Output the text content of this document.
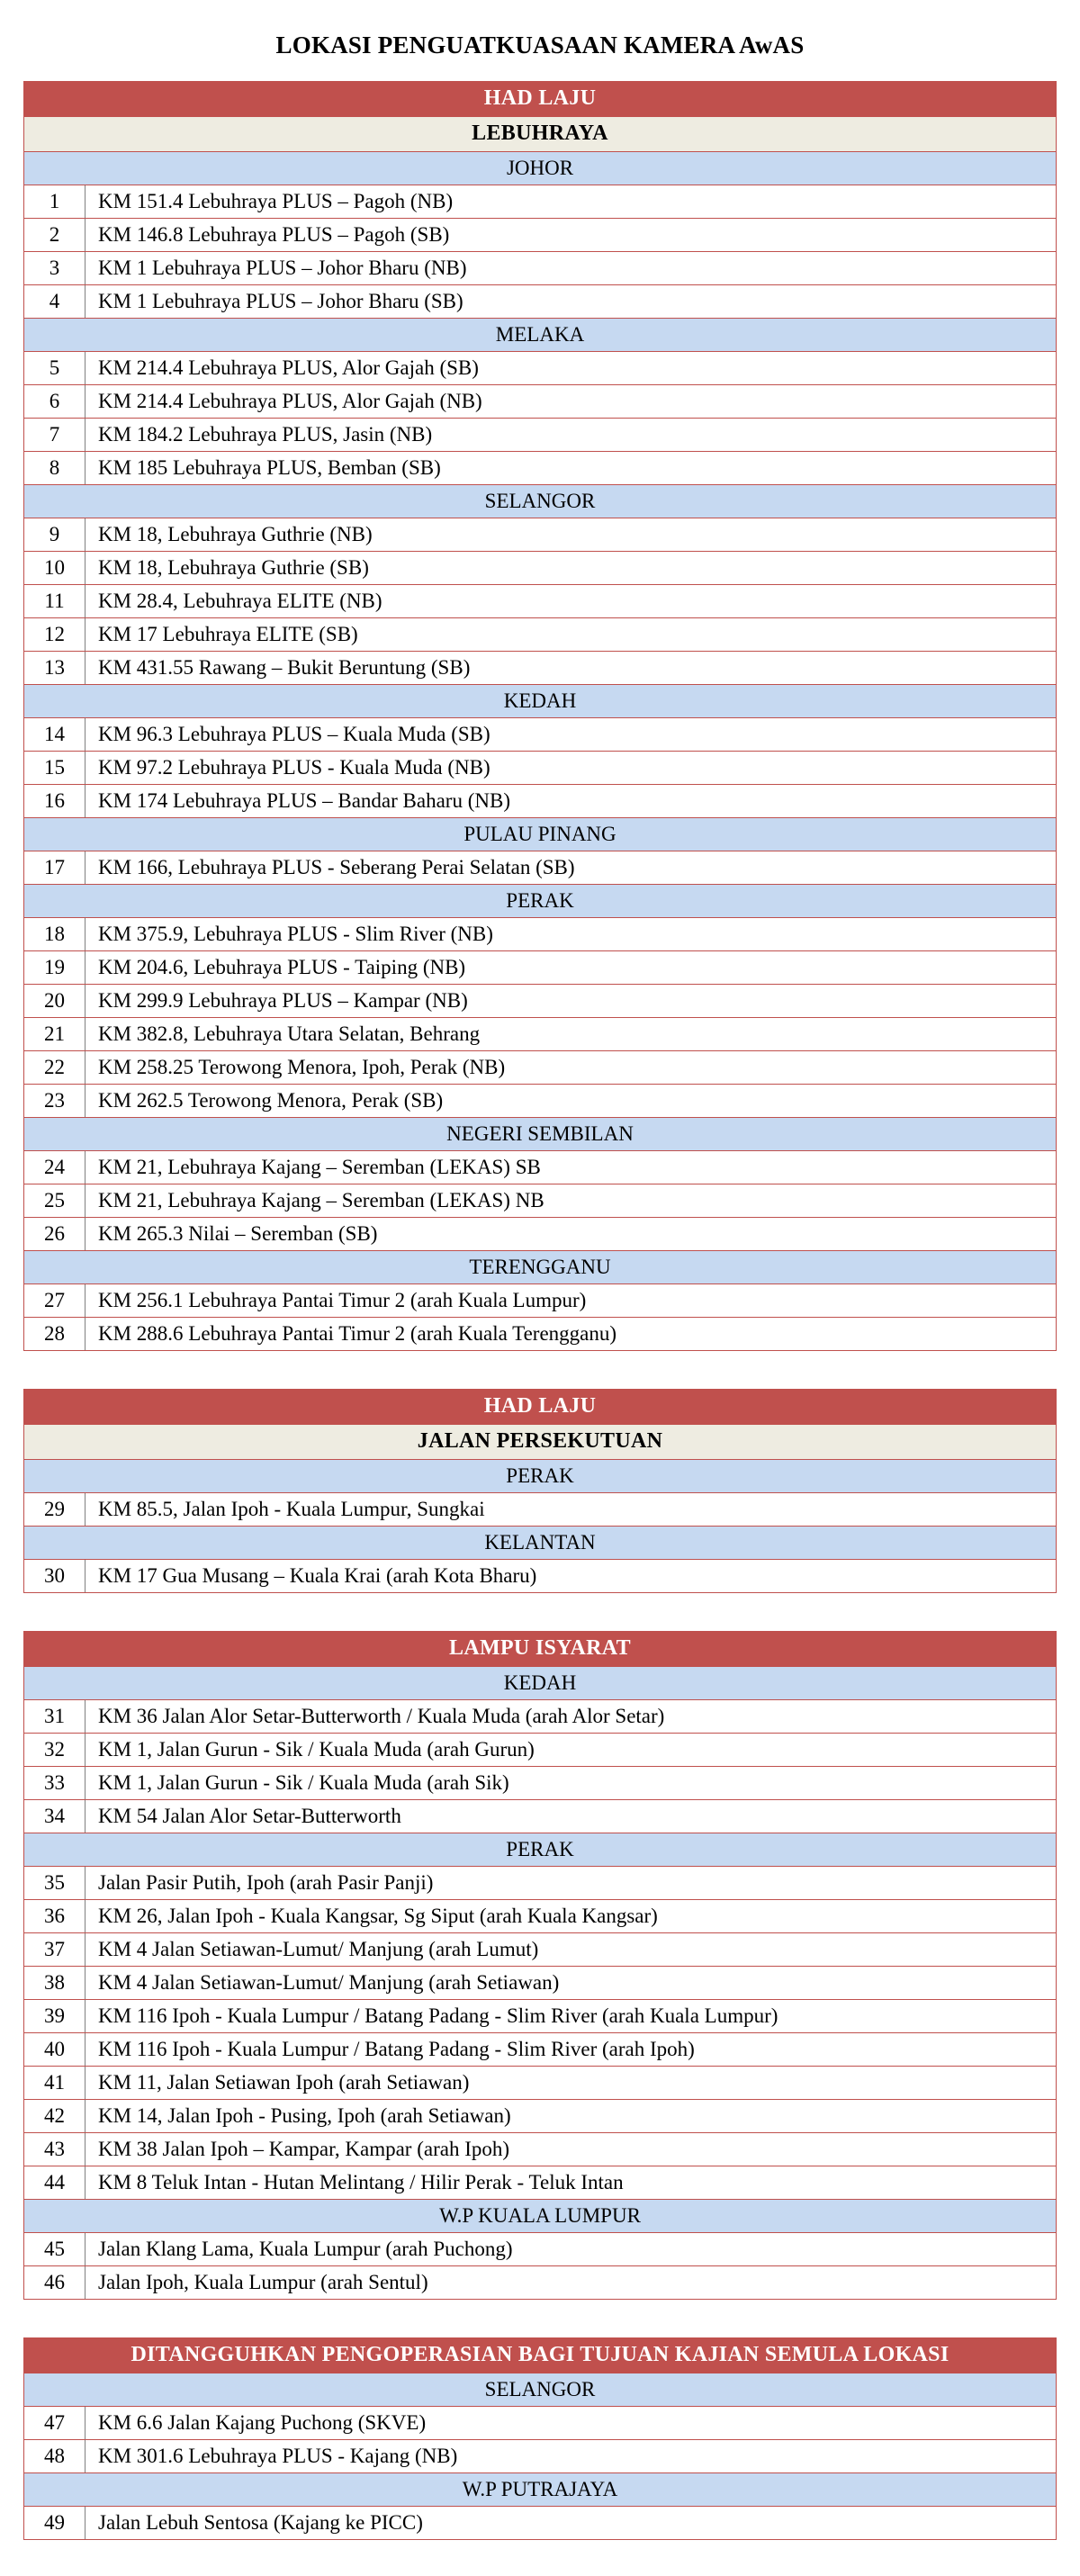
LOKASI PENGUATKUASAAN KAMERA AwAS
HAD LAJU	
LEBUHRAYA	
JOHOR	
1	KM 151.4 Lebuhraya PLUS – Pagoh (NB)
2	KM 146.8 Lebuhraya PLUS – Pagoh (SB)
3	KM 1 Lebuhraya PLUS – Johor Bharu (NB)
4	KM 1 Lebuhraya PLUS – Johor Bharu (SB)
MELAKA	
5	KM 214.4 Lebuhraya PLUS, Alor Gajah (SB)
6	KM 214.4 Lebuhraya PLUS, Alor Gajah (NB)
7	KM 184.2 Lebuhraya PLUS, Jasin (NB)
8	KM 185 Lebuhraya PLUS, Bemban (SB)
SELANGOR	
9	KM 18, Lebuhraya Guthrie (NB)
10	KM 18, Lebuhraya Guthrie (SB)
11	KM 28.4, Lebuhraya ELITE (NB)
12	KM 17 Lebuhraya ELITE (SB)
13	KM 431.55 Rawang – Bukit Beruntung (SB)
KEDAH	
14	KM 96.3 Lebuhraya PLUS – Kuala Muda (SB)
15	KM 97.2 Lebuhraya PLUS - Kuala Muda (NB)
16	KM 174 Lebuhraya PLUS – Bandar Baharu (NB)
PULAU PINANG	
17	KM 166, Lebuhraya PLUS - Seberang Perai Selatan (SB)
PERAK	
18	KM 375.9, Lebuhraya PLUS - Slim River (NB)
19	KM 204.6, Lebuhraya PLUS - Taiping (NB)
20	KM 299.9 Lebuhraya PLUS – Kampar (NB)
21	KM 382.8, Lebuhraya Utara Selatan, Behrang
22	KM 258.25 Terowong Menora, Ipoh, Perak (NB)
23	KM 262.5 Terowong Menora, Perak (SB)
NEGERI SEMBILAN	
24	KM 21, Lebuhraya Kajang – Seremban (LEKAS) SB
25	KM 21, Lebuhraya Kajang – Seremban (LEKAS) NB
26	KM 265.3 Nilai – Seremban (SB)
TERENGGANU	
27	KM 256.1 Lebuhraya Pantai Timur 2 (arah Kuala Lumpur)
28	KM 288.6 Lebuhraya Pantai Timur 2 (arah Kuala Terengganu)
HAD LAJU	
JALAN PERSEKUTUAN	
PERAK	
29	KM 85.5, Jalan Ipoh - Kuala Lumpur, Sungkai
KELANTAN	
30	KM 17 Gua Musang – Kuala Krai (arah Kota Bharu)
LAMPU ISYARAT	
KEDAH	
31	KM 36 Jalan Alor Setar-Butterworth / Kuala Muda (arah Alor Setar)
32	KM 1, Jalan Gurun - Sik / Kuala Muda (arah Gurun)
33	KM 1, Jalan Gurun - Sik / Kuala Muda (arah Sik)
34	KM 54 Jalan Alor Setar-Butterworth
PERAK	
35	Jalan Pasir Putih, Ipoh (arah Pasir Panji)
36	KM 26, Jalan Ipoh - Kuala Kangsar, Sg Siput (arah Kuala Kangsar)
37	KM 4 Jalan Setiawan-Lumut/ Manjung (arah Lumut)
38	KM 4 Jalan Setiawan-Lumut/ Manjung (arah Setiawan)
39	KM 116 Ipoh - Kuala Lumpur / Batang Padang - Slim River (arah Kuala Lumpur)
40	KM 116 Ipoh - Kuala Lumpur / Batang Padang - Slim River (arah Ipoh)
41	KM 11, Jalan Setiawan Ipoh (arah Setiawan)
42	KM 14, Jalan Ipoh - Pusing, Ipoh (arah Setiawan)
43	KM 38 Jalan Ipoh – Kampar, Kampar (arah Ipoh)
44	KM 8 Teluk Intan - Hutan Melintang / Hilir Perak - Teluk Intan
W.P KUALA LUMPUR	
45	Jalan Klang Lama, Kuala Lumpur (arah Puchong)
46	Jalan Ipoh, Kuala Lumpur (arah Sentul)
DITANGGUHKAN PENGOPERASIAN BAGI TUJUAN KAJIAN SEMULA LOKASI	
SELANGOR	
47	KM 6.6 Jalan Kajang Puchong (SKVE)
48	KM 301.6 Lebuhraya PLUS - Kajang (NB)
W.P PUTRAJAYA	
49	Jalan Lebuh Sentosa (Kajang ke PICC)
